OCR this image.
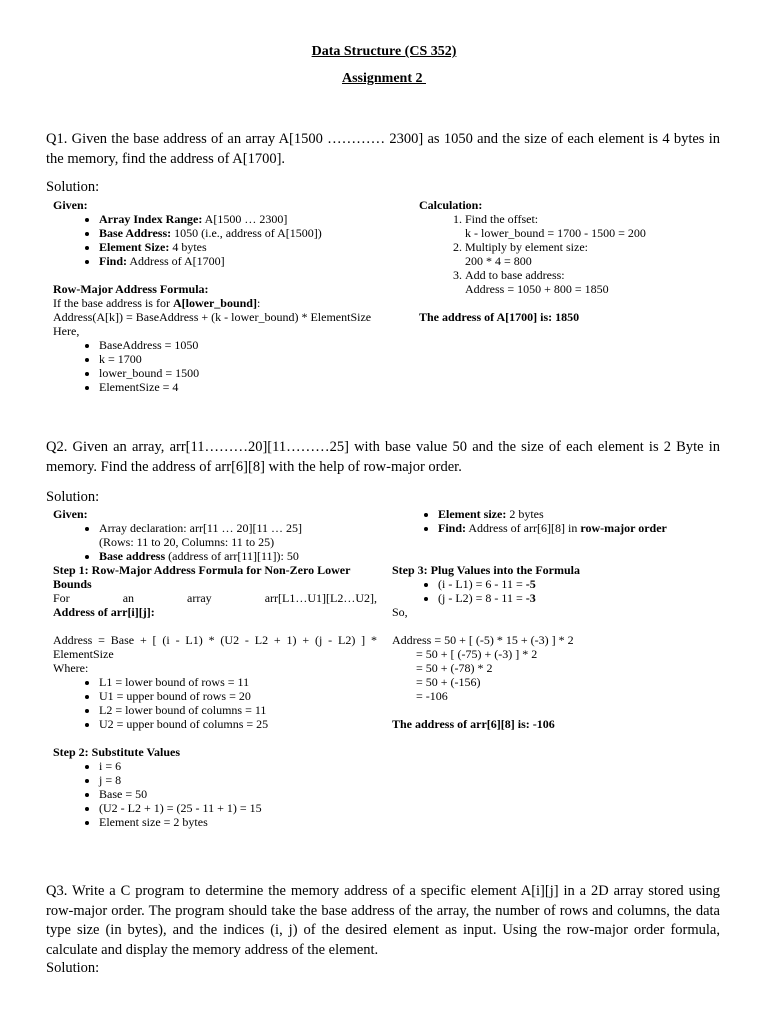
Data Structure (CS 352)
Assignment 2
Q1. Given the base address of an array A[1500 ………… 2300] as 1050 and the size of each element is 4 bytes in the memory, find the address of A[1700].
Solution:
Given:
• Array Index Range: A[1500 … 2300]
• Base Address: 1050 (i.e., address of A[1500])
• Element Size: 4 bytes
• Find: Address of A[1700]
Row-Major Address Formula:
If the base address is for A[lower_bound]:
Address(A[k]) = BaseAddress + (k - lower_bound) * ElementSize
Here,
• BaseAddress = 1050
• k = 1700
• lower_bound = 1500
• ElementSize = 4
Calculation:
1. Find the offset:
k - lower_bound = 1700 - 1500 = 200
2. Multiply by element size:
200 * 4 = 800
3. Add to base address:
Address = 1050 + 800 = 1850
The address of A[1700] is: 1850
Q2. Given an array, arr[11………20][11………25] with base value 50 and the size of each element is 2 Byte in memory. Find the address of arr[6][8] with the help of row-major order.
Solution:
Given:
• Array declaration: arr[11 … 20][11 … 25]
(Rows: 11 to 20, Columns: 11 to 25)
• Base address (address of arr[11][11]): 50
Step 1: Row-Major Address Formula for Non-Zero Lower Bounds
For	an	array	arr[L1…U1][L2…U2],
Address of arr[i][j]:
Address = Base + [ (i - L1) * (U2 - L2 + 1) + (j - L2) ] * ElementSize
Where:
• L1 = lower bound of rows = 11
• U1 = upper bound of rows = 20
• L2 = lower bound of columns = 11
• U2 = upper bound of columns = 25
Step 2: Substitute Values
• i = 6
• j = 8
• Base = 50
• (U2 - L2 + 1) = (25 - 11 + 1) = 15
• Element size = 2 bytes
• Element size: 2 bytes
• Find: Address of arr[6][8] in row-major order
Step 3: Plug Values into the Formula
• (i - L1) = 6 - 11 = -5
• (j - L2) = 8 - 11 = -3
So,
Address = 50 + [ (-5) * 15 + (-3) ] * 2
= 50 + [ (-75) + (-3) ] * 2
= 50 + (-78) * 2
= 50 + (-156)
= -106
The address of arr[6][8] is: -106
Q3. Write a C program to determine the memory address of a specific element A[i][j] in a 2D array stored using row-major order. The program should take the base address of the array, the number of rows and columns, the data type size (in bytes), and the indices (i, j) of the desired element as input. Using the row-major order formula, calculate and display the memory address of the element.
Solution:
